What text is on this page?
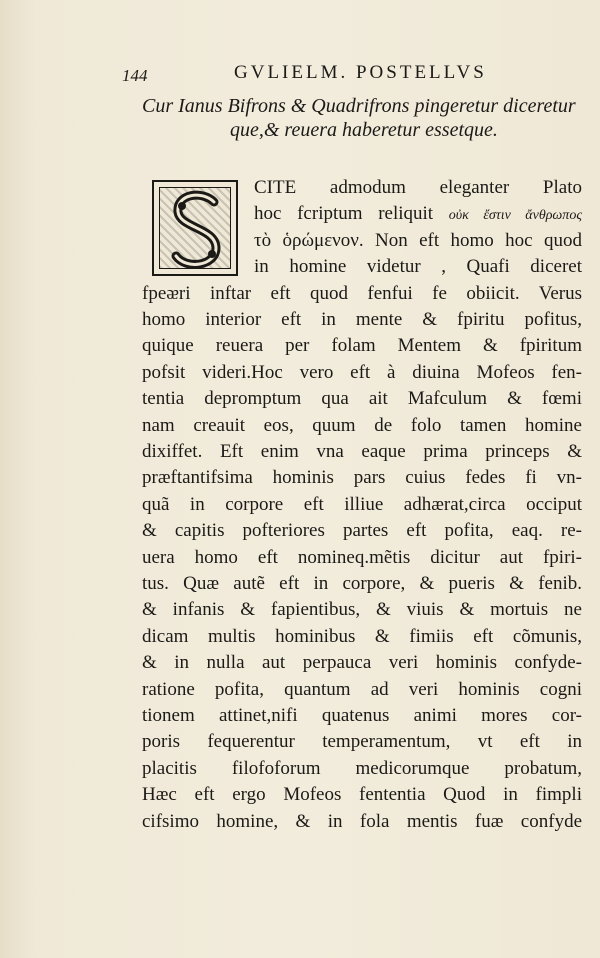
144	GVLIELM. POSTELLVS
Cur Ianus Bifrons & Quadrifrons pingeretur diceretur
que,& reuera haberetur essetque.
CITE admodum eleganter Plato
hoc fcriptum reliquit οὐκ ἔστιν ἄνθρωπος
τὸ ὁρώμενον. Non eft homo hoc quod
in homine videtur , Quafi diceret
fpeᴂri inftar eft quod fenfui fe obiicit. Verus
homo interior eft in mente & fpiritu pofitus,
quique reuera per folam Mentem & fpiritum
pofsit videri.Hoc vero eft à diuina Mofeos fen-
tentia depromptum qua ait Mafculum & fœmi
nam creauit eos, quum de folo tamen homine
dixiffet. Eft enim vna eaque prima princeps &
præftantifsima hominis pars cuius fedes fi vn-
quã in corpore eft illiue adhærat,circa occiput
& capitis pofteriores partes eft pofita, eaq. re-
uera homo eft nomineq.mẽtis dicitur aut fpiri-
tus. Quæ autẽ eft in corpore, & pueris & fenib.
& infanis & fapientibus, & viuis & mortuis ne
dicam multis hominibus & fimiis eft cõmunis,
& in nulla aut perpauca veri hominis confyde-
ratione pofita, quantum ad veri hominis cogni
tionem attinet,nifi quatenus animi mores cor-
poris fequerentur temperamentum, vt eft in
placitis filofoforum medicorumque probatum,
Hæc eft ergo Mofeos fententia Quod in fimpli
cifsimo homine, & in fola mentis fuæ confyde
